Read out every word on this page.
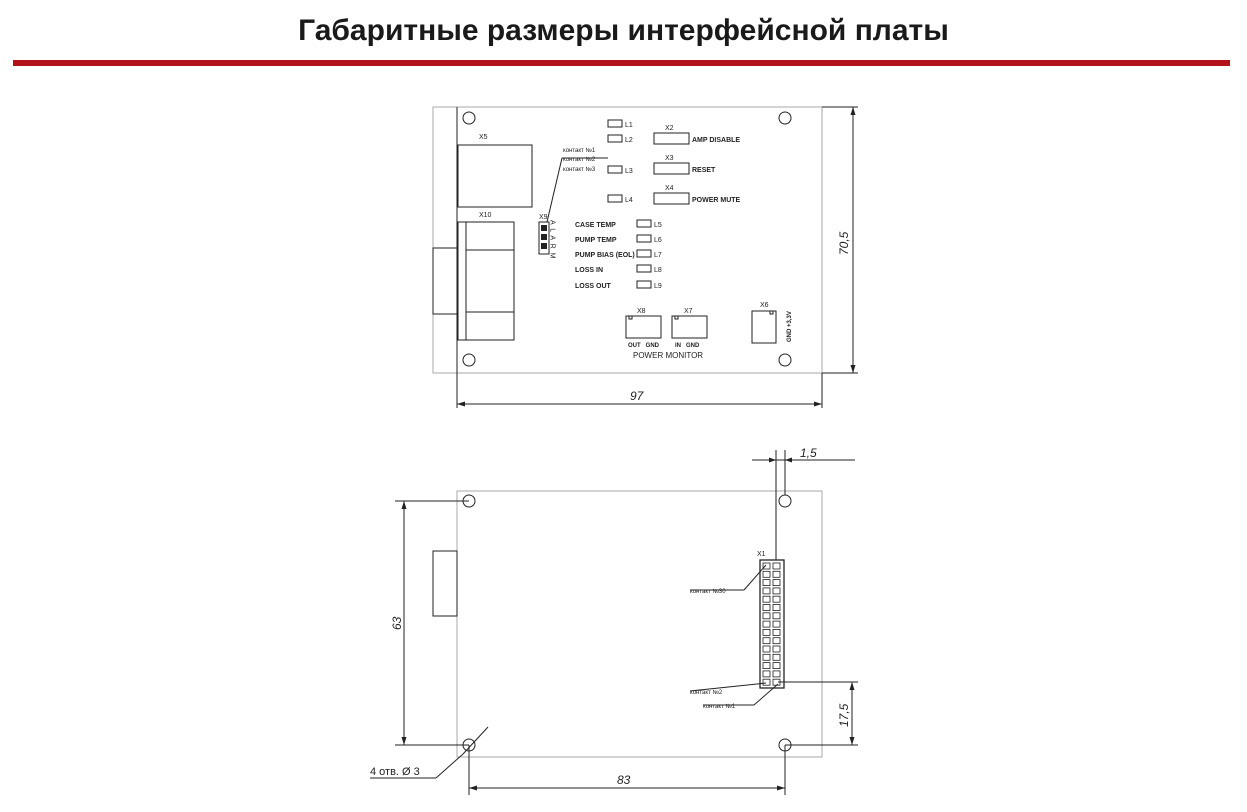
Габаритные размеры интерфейсной платы
X5
X10	X9
A L A R M
контакт №1
контакт №2
контакт №3
L1
L2
L3
L4
X2
AMP DISABLE
X3
RESET
X4
POWER MUTE
CASE TEMP	L5
PUMP TEMP	L6
PUMP BIAS (EOL)	L7
LOSS IN	L8
LOSS OUT	L9
X8
OUT   GND
X7
IN   GND
POWER MONITOR
X6
GND +3,3V
97
70,5
X1
контакт №30
контакт №2
контакт №1
1,5
63
17,5
83
4 отв. Ø 3
